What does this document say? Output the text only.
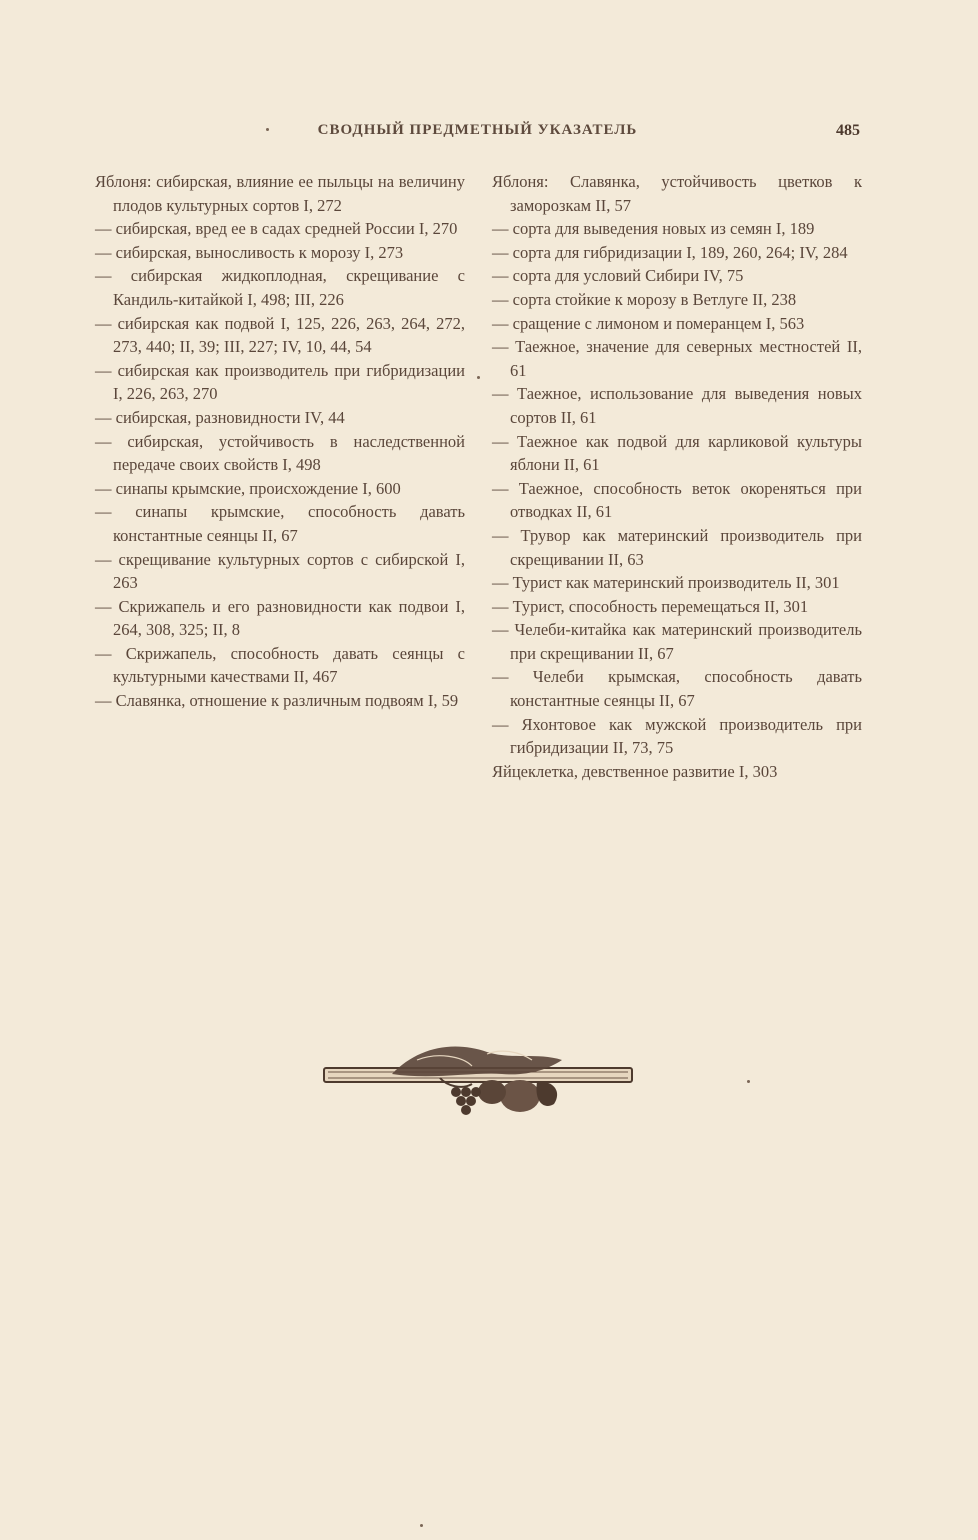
СВОДНЫЙ ПРЕДМЕТНЫЙ УКАЗАТЕЛЬ	485

Яблоня: сибирская, влияние ее пыльцы на величину плодов культурных сортов I, 272

— сибирская, вред ее в садах средней России I, 270

— сибирская, выносливость к морозу I, 273

— сибирская жидкоплодная, скрещивание с Кандиль-китайкой I, 498; III, 226

— сибирская как подвой I, 125, 226, 263, 264, 272, 273, 440; II, 39; III, 227; IV, 10, 44, 54

— сибирская как производитель при гибридизации I, 226, 263, 270

— сибирская, разновидности IV, 44

— сибирская, устойчивость в наследственной передаче своих свойств I, 498

— синапы крымские, происхождение I, 600

— синапы крымские, способность давать константные сеянцы II, 67

— скрещивание культурных сортов с сибирской I, 263

— Скрижапель и его разновидности как подвои I, 264, 308, 325; II, 8

— Скрижапель, способность давать сеянцы с культурными качествами II, 467

— Славянка, отношение к различным подвоям I, 59

Яблоня: Славянка, устойчивость цветков к заморозкам II, 57

— сорта для выведения новых из семян I, 189

— сорта для гибридизации I, 189, 260, 264; IV, 284

— сорта для условий Сибири IV, 75

— сорта стойкие к морозу в Ветлуге II, 238

— сращение с лимоном и померанцем I, 563

— Таежное, значение для северных местностей II, 61

— Таежное, использование для выведения новых сортов II, 61

— Таежное как подвой для карликовой культуры яблони II, 61

— Таежное, способность веток окореняться при отводках II, 61

— Трувор как материнский производитель при скрещивании II, 63

— Турист как материнский производитель II, 301

— Турист, способность перемещаться II, 301

— Челеби-китайка как материнский производитель при скрещивании II, 67

— Челеби крымская, способность давать константные сеянцы II, 67

— Яхонтовое как мужской производитель при гибридизации II, 73, 75

Яйцеклетка, девственное развитие I, 303
